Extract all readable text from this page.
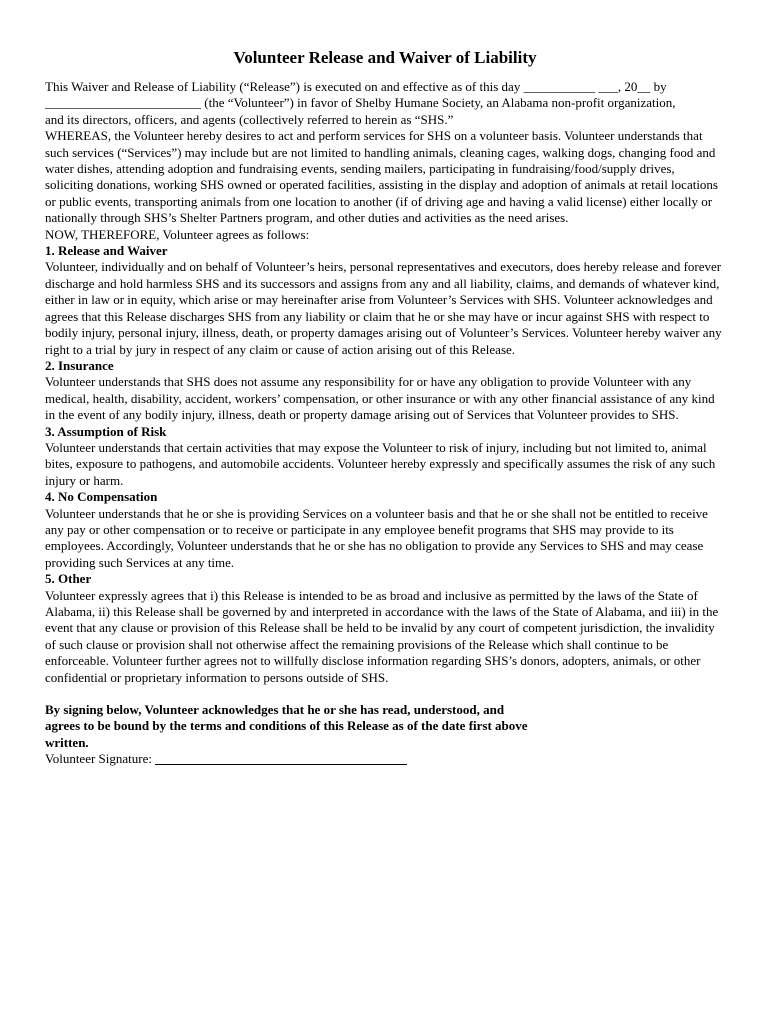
Volunteer Release and Waiver of Liability

This Waiver and Release of Liability (“Release”) is executed on and effective as of this day ___________ ___, 20__ by

________________________ (the “Volunteer”) in favor of Shelby Humane Society, an Alabama non-profit organization,

and its directors, officers, and agents (collectively referred to herein as “SHS.”

WHEREAS, the Volunteer hereby desires to act and perform services for SHS on a volunteer basis. Volunteer understands that such services (“Services”) may include but are not limited to handling animals, cleaning cages, walking dogs, changing food and water dishes, attending adoption and fundraising events, sending mailers, participating in fundraising/food/supply drives, soliciting donations, working SHS owned or operated facilities, assisting in the display and adoption of animals at retail locations or public events, transporting animals from one location to another (if of driving age and having a valid license) either locally or nationally through SHS’s Shelter Partners program, and other duties and activities as the need arises.

NOW, THEREFORE, Volunteer agrees as follows:

1. Release and Waiver

Volunteer, individually and on behalf of Volunteer’s heirs, personal representatives and executors, does hereby release and forever discharge and hold harmless SHS and its successors and assigns from any and all liability, claims, and demands of whatever kind, either in law or in equity, which arise or may hereinafter arise from Volunteer’s Services with SHS. Volunteer acknowledges and agrees that this Release discharges SHS from any liability or claim that he or she may have or incur against SHS with respect to bodily injury, personal injury, illness, death, or property damages arising out of Volunteer’s Services. Volunteer hereby waiver any right to a trial by jury in respect of any claim or cause of action arising out of this Release.

2. Insurance

Volunteer understands that SHS does not assume any responsibility for or have any obligation to provide Volunteer with any medical, health, disability, accident, workers’ compensation, or other insurance or with any other financial assistance of any kind in the event of any bodily injury, illness, death or property damage arising out of Services that Volunteer provides to SHS.

3. Assumption of Risk

Volunteer understands that certain activities that may expose the Volunteer to risk of injury, including but not limited to, animal bites, exposure to pathogens, and automobile accidents. Volunteer hereby expressly and specifically assumes the risk of any such injury or harm.

4. No Compensation

Volunteer understands that he or she is providing Services on a volunteer basis and that he or she shall not be entitled to receive any pay or other compensation or to receive or participate in any employee benefit programs that SHS may provide to its employees. Accordingly, Volunteer understands that he or she has no obligation to provide any Services to SHS and may cease providing such Services at any time.

5. Other

Volunteer expressly agrees that i) this Release is intended to be as broad and inclusive as permitted by the laws of the State of Alabama, ii) this Release shall be governed by and interpreted in accordance with the laws of the State of Alabama, and iii) in the event that any clause or provision of this Release shall be held to be invalid by any court of competent jurisdiction, the invalidity of such clause or provision shall not otherwise affect the remaining provisions of the Release which shall continue to be enforceable. Volunteer further agrees not to willfully disclose information regarding SHS’s donors, adopters, animals, or other confidential or proprietary information to persons outside of SHS.

By signing below, Volunteer acknowledges that he or she has read, understood, and agrees to be bound by the terms and conditions of this Release as of the date first above written.

Volunteer Signature:
